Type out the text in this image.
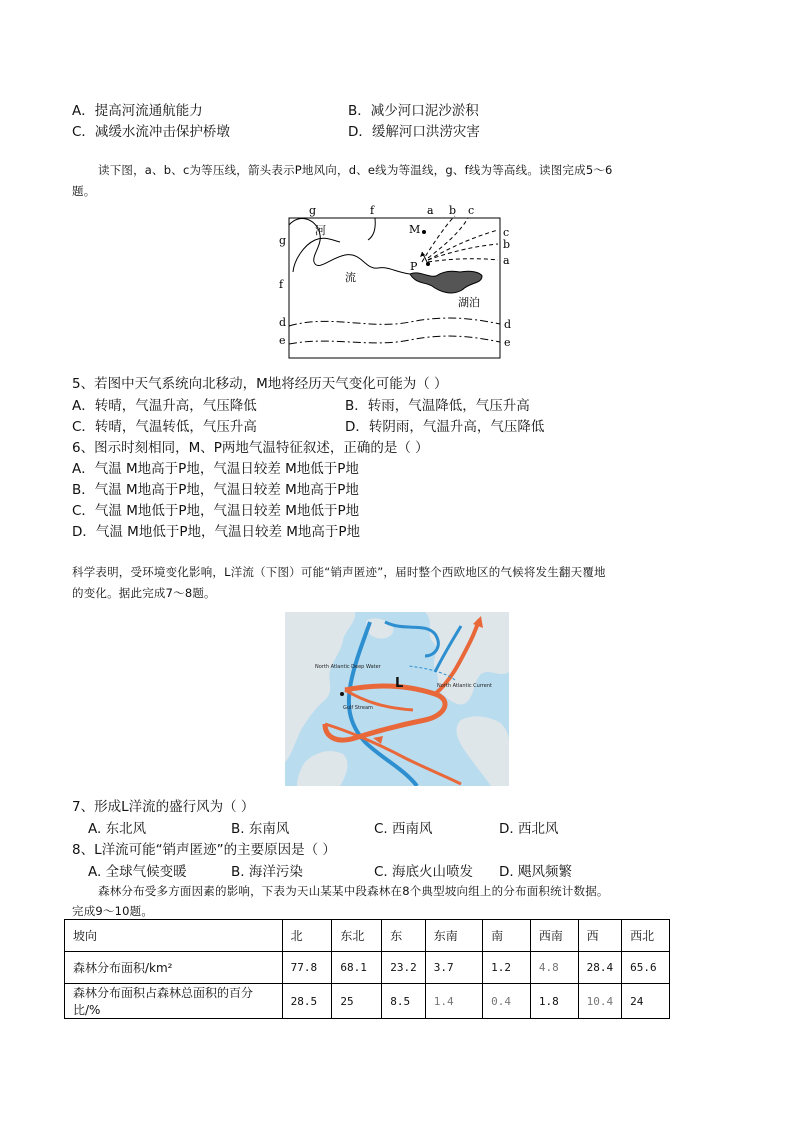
A．提高河流通航能力	B．减少河口泥沙淤积
C．减缓水流冲击保护桥墩	D．缓解河口洪涝灾害
读下图，a、b、c为等压线，箭头表示P地风向，d、e线为等温线，g、f线为等高线。读图完成5～6
题。
g	f	a b c
g
f
c
b
a
d
e
d
e
M
P
河
流
湖泊
5、若图中天气系统向北移动，M地将经历天气变化可能为（ ）
A．转晴，气温升高，气压降低	B．转雨，气温降低，气压升高
C．转晴，气温转低，气压升高	D．转阴雨，气温升高，气压降低
6、图示时刻相同，M、P两地气温特征叙述，正确的是（ ）
A．气温 M地高于P地，气温日较差 M地低于P地
B．气温 M地高于P地，气温日较差 M地高于P地
C．气温 M地低于P地，气温日较差 M地低于P地
D．气温 M地低于P地，气温日较差 M地高于P地
科学表明，受环境变化影响，L洋流（下图）可能“销声匿迹”，届时整个西欧地区的气候将发生翻天覆地
的变化。据此完成7～8题。
L
North Atlantic Deep Water
North Atlantic Current
Gulf Stream
7、形成L洋流的盛行风为（ ）
A. 东北风	B. 东南风	C. 西南风	D. 西北风
8、L洋流可能“销声匿迹”的主要原因是（ ）
A. 全球气候变暖	B. 海洋污染	C. 海底火山喷发 D. 飓风频繁
森林分布受多方面因素的影响，下表为天山某某中段森林在8个典型坡向组上的分布面积统计数据。
完成9～10题。
坡向	北	东北	东	东南	南	西南	西	西北
森林分布面积/km²	77.8	68.1	23.2	3.7	1.2	4.8	28.4	65.6
森林分布面积占森林总面积的百分比/%	28.5	25	8.5	1.4	0.4	1.8	10.4	24
